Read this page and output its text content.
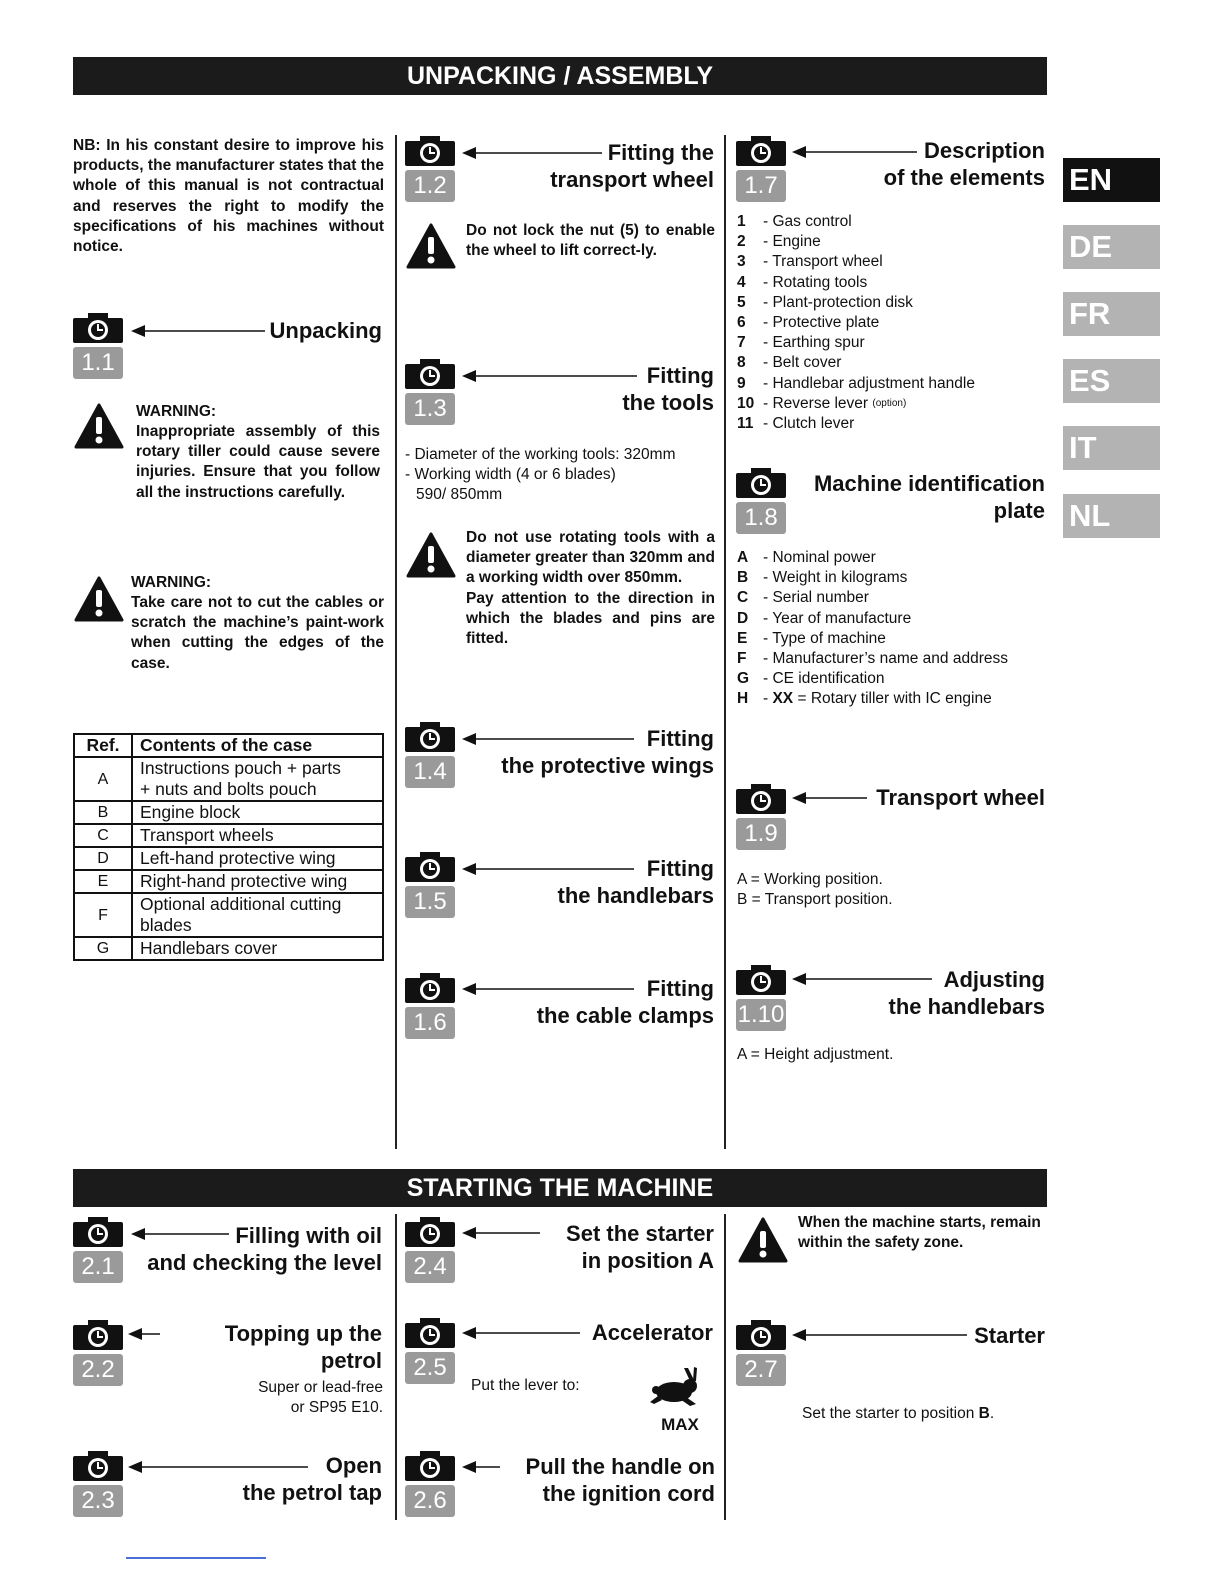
UNPACKING / ASSEMBLY
STARTING THE MACHINE
EN
DE
FR
ES
IT
NL
NB: In his constant desire to improve his products, the manufacturer states that the whole of this manual is not contractual and reserves the right to modify the specifications of his machines without notice.
1.1
Unpacking
WARNING:
Inappropriate assembly of this rotary tiller could cause severe injuries. Ensure that you follow all the instructions carefully.
WARNING:
Take care not to cut the cables or scratch the machine’s paint-work when cutting the edges of the case.
Ref.	Contents of the case
A	Instructions pouch + parts
+ nuts and bolts pouch

B	Engine block
C	Transport wheels
D	Left-hand protective wing
E	Right-hand protective wing
F	Optional additional cutting
blades

G	Handlebars cover
1.2
Fitting the
transport wheel
Do not lock the nut (5) to enable the wheel to lift correct-ly.
1.3
Fitting
the tools
- Diameter of the working tools: 320mm
- Working width (4 or 6 blades)
590/ 850mm
Do not use rotating tools with a diameter greater than 320mm and a working width over 850mm.
Pay attention to the direction in which the blades and pins are fitted.
1.4
Fitting
the protective wings
1.5
Fitting
the handlebars
1.6
Fitting
the cable clamps
1.7
Description
of the elements
1	- Gas control
2	- Engine
3	- Transport wheel
4	- Rotating tools
5	- Plant-protection disk
6	- Protective plate
7	- Earthing spur
8	- Belt cover
9	- Handlebar adjustment handle
10 - Reverse lever
(option)
11 - Clutch lever
1.8
Machine identification
plate
A - Nominal power
B - Weight in kilograms
C - Serial number
D - Year of manufacture
E	- Type of machine
F	- Manufacturer’s name and address
G - CE identification
H - XX = Rotary tiller with IC engine
1.9
Transport wheel
A = Working position.
B = Transport position.
1.10
Adjusting
the handlebars
A = Height adjustment.
2.1
Filling with oil
and checking the level
2.2
Topping up the petrol
Super or lead-free
or SP95 E10.
2.3
Open
the petrol tap
2.4
Set the starter
in position A
2.5
Accelerator
Put the lever to:
MAX
2.6
Pull the handle on
the ignition cord
When the machine starts, remain within the safety zone.
2.7
Starter
Set the starter to position B.
